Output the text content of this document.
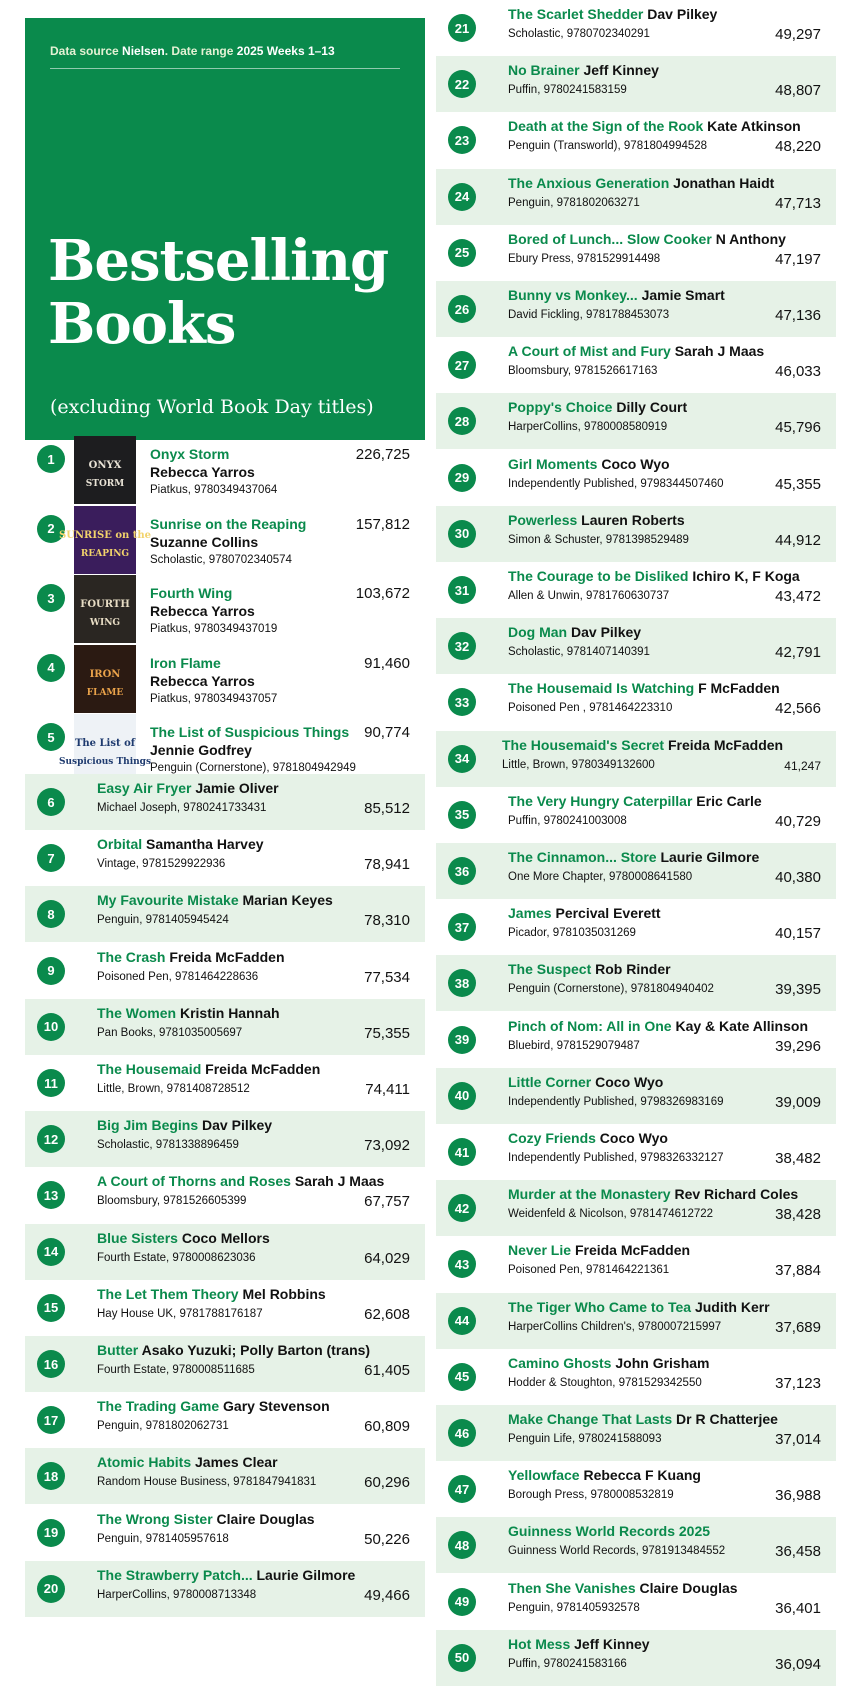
Data source Nielsen. Date range 2025 Weeks 1–13
Bestselling
Books
(excluding World Book Day titles)
1	ONYX
STORM
Onyx Storm
Rebecca Yarros
Piatkus, 9780349437064
226,725
2 SUNRISE on the
REAPING
Sunrise on the Reaping
Suzanne Collins
Scholastic, 9780702340574
157,812
3	FOURTH
WING
Fourth Wing
Rebecca Yarros
Piatkus, 9780349437019
103,672
4	IRON
FLAME
Iron Flame
Rebecca Yarros
Piatkus, 9780349437057
91,460
5	The List of
Suspicious Things
The List of Suspicious Things
Jennie Godfrey
Penguin (Cornerstone), 9781804942949
90,774
6
Easy Air Fryer Jamie Oliver
Michael Joseph, 9780241733431	85,512
7
Orbital Samantha Harvey
Vintage, 9781529922936	78,941
8
My Favourite Mistake Marian Keyes
Penguin, 9781405945424	78,310
9
The Crash Freida McFadden
Poisoned Pen, 9781464228636	77,534
10
The Women Kristin Hannah
Pan Books, 9781035005697	75,355
11
The Housemaid Freida McFadden
Little, Brown, 9781408728512	74,411
12
Big Jim Begins Dav Pilkey
Scholastic, 9781338896459	73,092
13
A Court of Thorns and Roses Sarah J Maas
Bloomsbury, 9781526605399	67,757
14
Blue Sisters Coco Mellors
Fourth Estate, 9780008623036	64,029
15
The Let Them Theory Mel Robbins
Hay House UK, 9781788176187	62,608
16
Butter Asako Yuzuki; Polly Barton (trans)
Fourth Estate, 9780008511685	61,405
17
The Trading Game Gary Stevenson
Penguin, 9781802062731	60,809
18
Atomic Habits James Clear
Random House Business, 9781847941831	60,296
19
The Wrong Sister Claire Douglas
Penguin, 9781405957618	50,226
20
The Strawberry Patch... Laurie Gilmore
HarperCollins, 9780008713348	49,466
21
The Scarlet Shedder Dav Pilkey
Scholastic, 9780702340291	49,297
22
No Brainer Jeff Kinney
Puffin, 9780241583159	48,807
23
Death at the Sign of the Rook Kate Atkinson
Penguin (Transworld), 9781804994528	48,220
24
The Anxious Generation Jonathan Haidt
Penguin, 9781802063271	47,713
25
Bored of Lunch... Slow Cooker N Anthony
Ebury Press, 9781529914498	47,197
26
Bunny vs Monkey... Jamie Smart
David Fickling, 9781788453073	47,136
27
A Court of Mist and Fury Sarah J Maas
Bloomsbury, 9781526617163	46,033
28
Poppy's Choice Dilly Court
HarperCollins, 9780008580919	45,796
29
Girl Moments Coco Wyo
Independently Published, 9798344507460	45,355
30
Powerless Lauren Roberts
Simon & Schuster, 9781398529489	44,912
31
The Courage to be Disliked Ichiro K, F Koga
Allen & Unwin, 9781760630737	43,472
32
Dog Man Dav Pilkey
Scholastic, 9781407140391	42,791
33
The Housemaid Is Watching F McFadden
Poisoned Pen , 9781464223310	42,566
34
The Housemaid's Secret Freida McFadden
Little, Brown, 9780349132600	41,247
35
The Very Hungry Caterpillar Eric Carle
Puffin, 9780241003008	40,729
36
The Cinnamon... Store Laurie Gilmore
One More Chapter, 9780008641580	40,380
37
James Percival Everett
Picador, 9781035031269	40,157
38
The Suspect Rob Rinder
Penguin (Cornerstone), 9781804940402	39,395
39
Pinch of Nom: All in One Kay & Kate Allinson
Bluebird, 9781529079487	39,296
40
Little Corner Coco Wyo
Independently Published, 9798326983169	39,009
41
Cozy Friends Coco Wyo
Independently Published, 9798326332127	38,482
42
Murder at the Monastery Rev Richard Coles
Weidenfeld & Nicolson, 9781474612722	38,428
43
Never Lie Freida McFadden
Poisoned Pen, 9781464221361	37,884
44
The Tiger Who Came to Tea Judith Kerr
HarperCollins Children's, 9780007215997	37,689
45
Camino Ghosts John Grisham
Hodder & Stoughton, 9781529342550	37,123
46
Make Change That Lasts Dr R Chatterjee
Penguin Life, 9780241588093	37,014
47
Yellowface Rebecca F Kuang
Borough Press, 9780008532819	36,988
48
Guinness World Records 2025
Guinness World Records, 9781913484552	36,458
49
Then She Vanishes Claire Douglas
Penguin, 9781405932578	36,401
50
Hot Mess Jeff Kinney
Puffin, 9780241583166	36,094
